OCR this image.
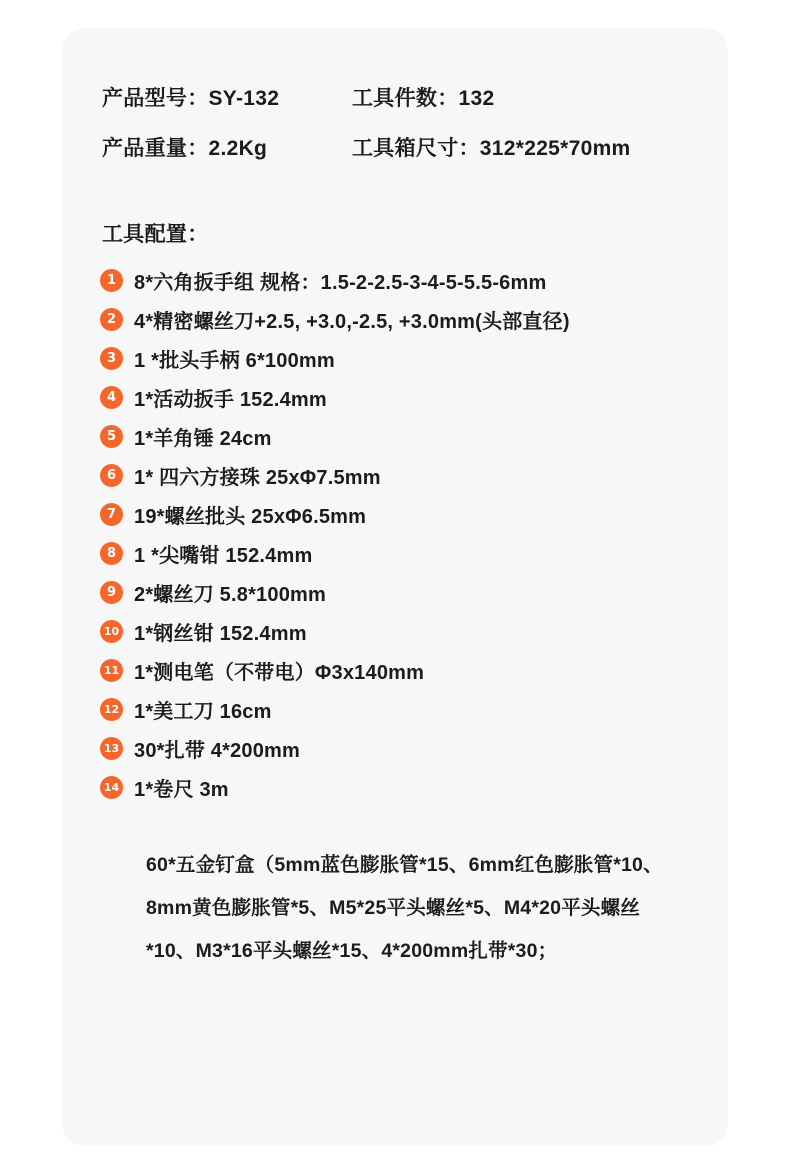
产品型号：SY-132	工具件数：132
产品重量：2.2Kg	工具箱尺寸：312*225*70mm
工具配置：
1 8*六角扳手组 规格：1.5-2-2.5-3-4-5-5.5-6mm
2 4*精密螺丝刀+2.5, +3.0,-2.5, +3.0mm(头部直径)
3 1 *批头手柄 6*100mm
4 1*活动扳手 152.4mm
5 1*羊角锤 24cm
6 1* 四六方接珠 25xΦ7.5mm
7 19*螺丝批头 25xΦ6.5mm
8 1 *尖嘴钳 152.4mm
9 2*螺丝刀 5.8*100mm
10 1*钢丝钳 152.4mm
11 1*测电笔（不带电）Φ3x140mm
12 1*美工刀 16cm
13 30*扎带 4*200mm
14 1*卷尺 3m
60*五金钉盒（5mm蓝色膨胀管*15、6mm红色膨胀管*10、8mm黄色膨胀管*5、M5*25平头螺丝*5、M4*20平头螺丝*10、M3*16平头螺丝*15、4*200mm扎带*30；
